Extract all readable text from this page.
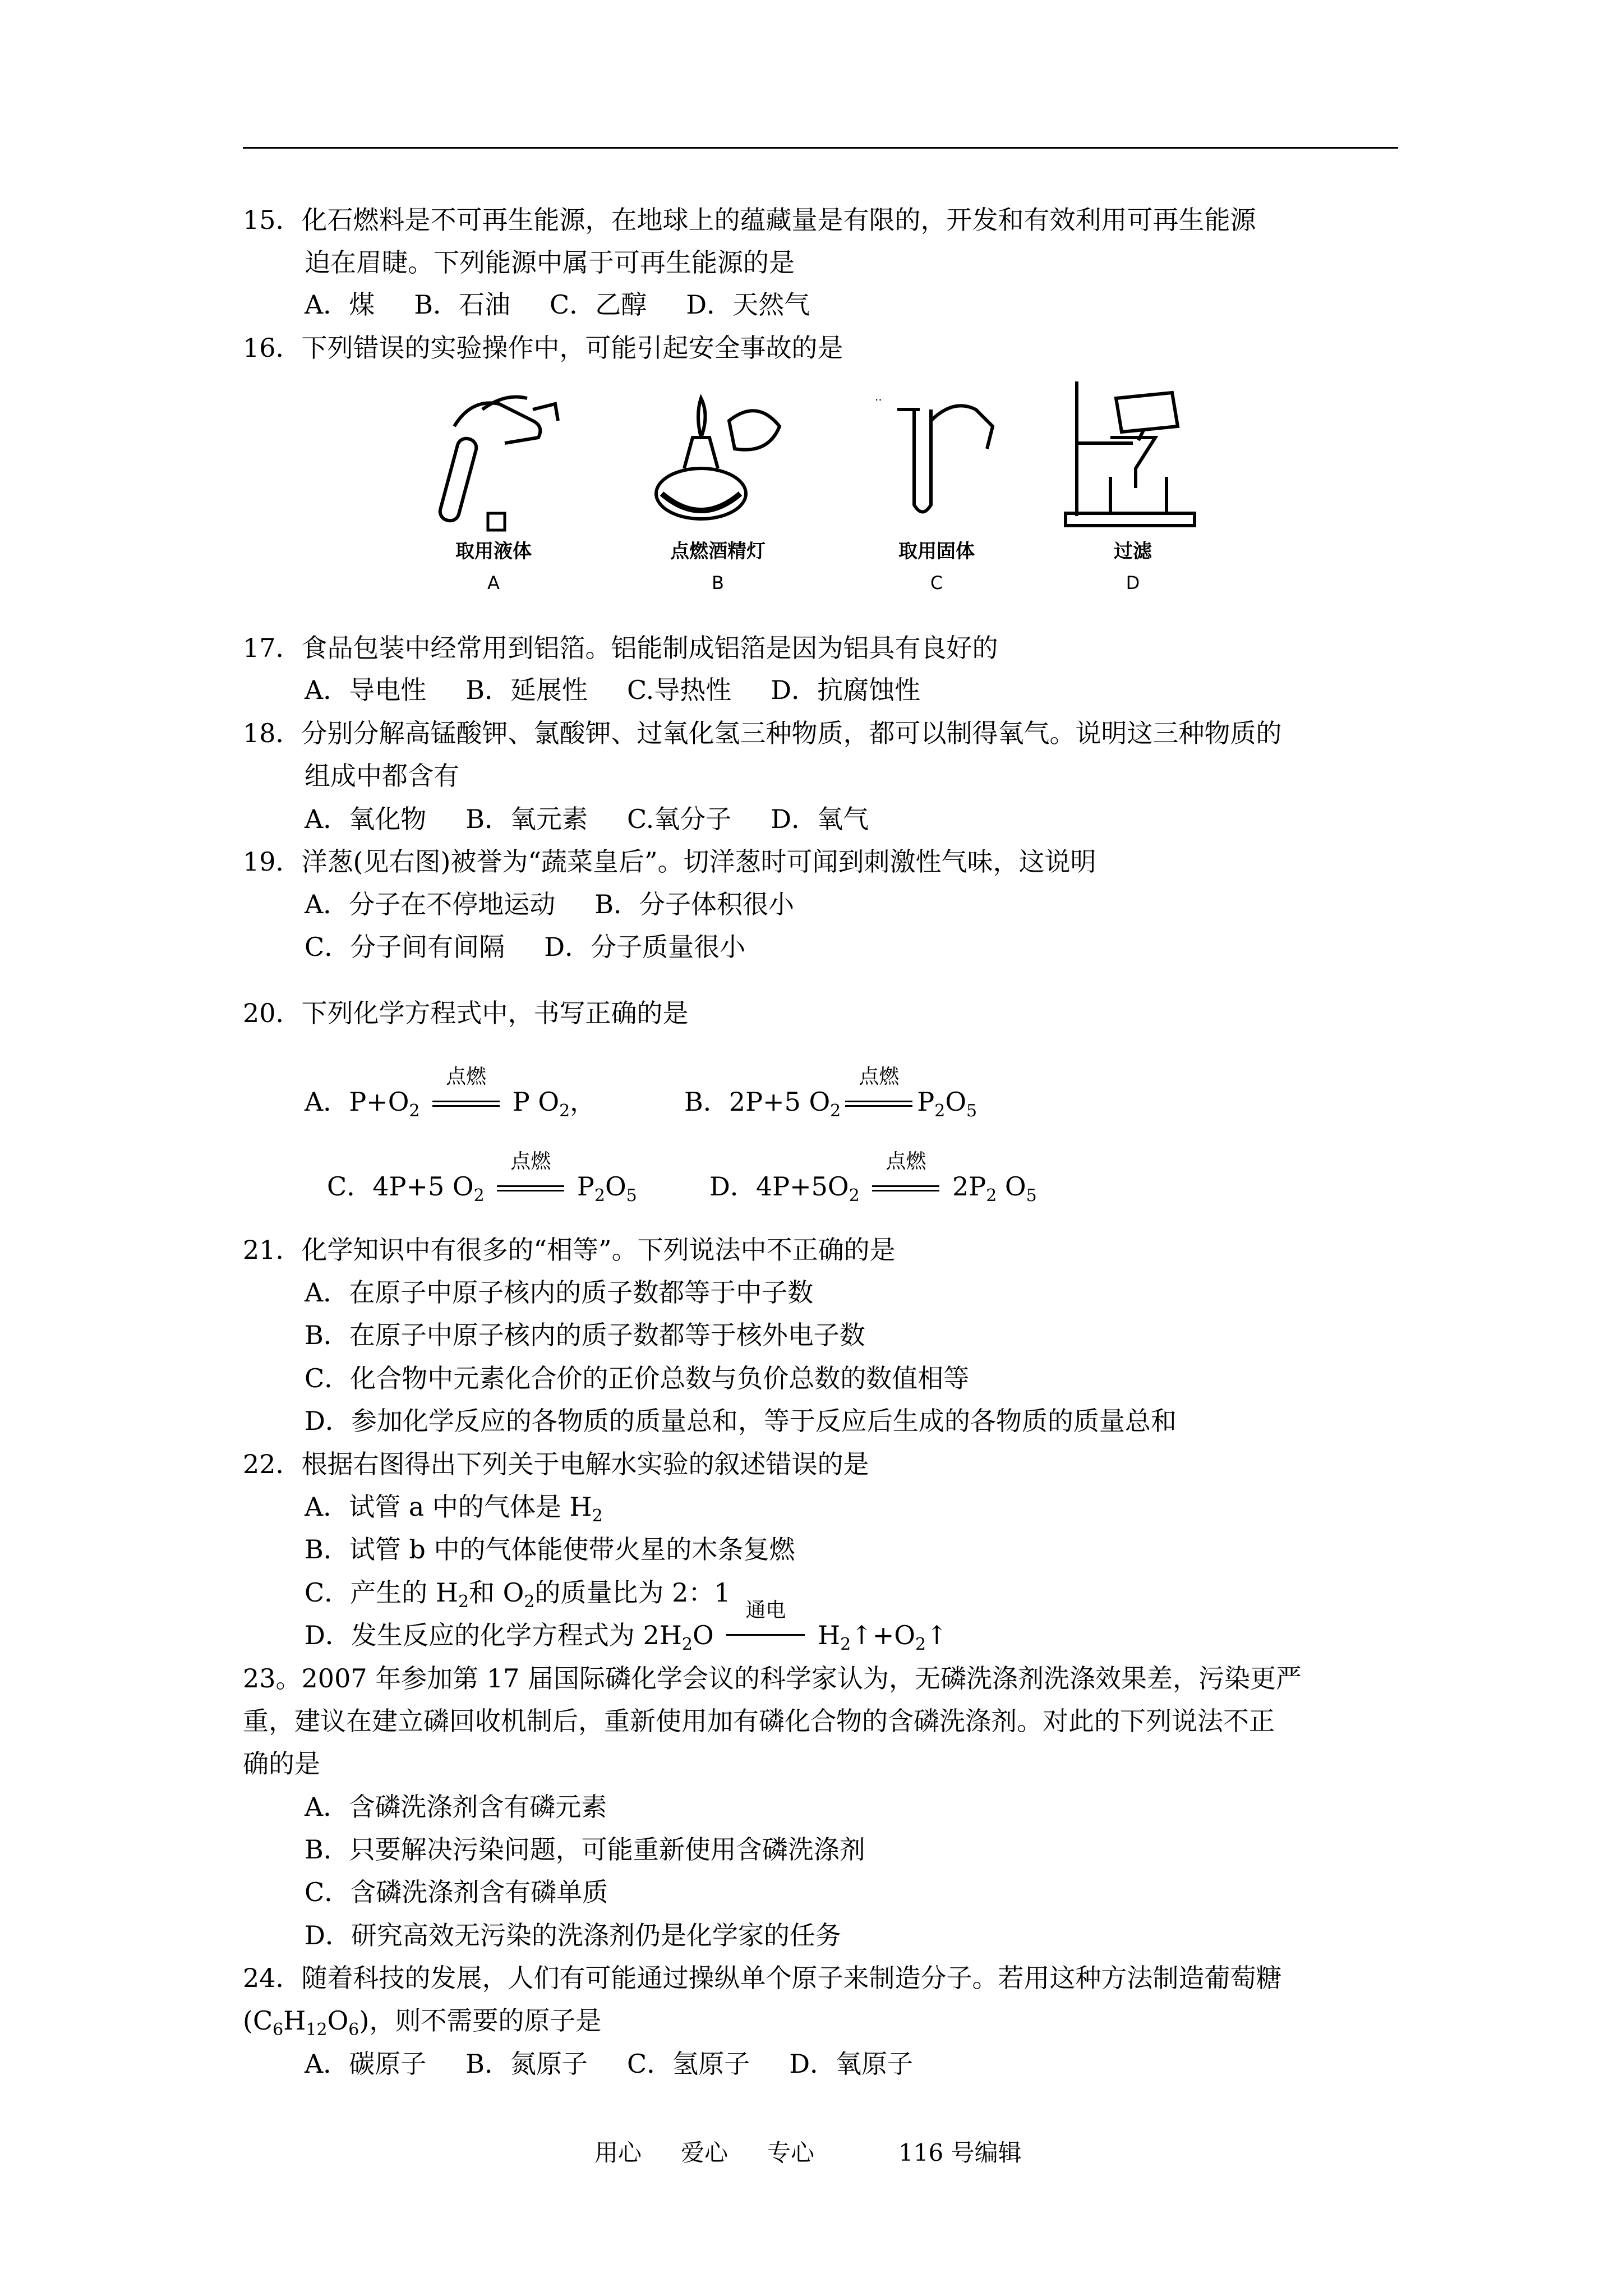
15．化石燃料是不可再生能源，在地球上的蕴藏量是有限的，开发和有效利用可再生能源
迫在眉睫。下列能源中属于可再生能源的是
A．煤 B．石油 C．乙醇 D．天然气
16．下列错误的实验操作中，可能引起安全事故的是
取用液体
A
点燃酒精灯
B
··
取用固体
C
过滤
D
17．食品包装中经常用到铝箔。铝能制成铝箔是因为铝具有良好的
A．导电性 B．延展性 C.导热性 D．抗腐蚀性
18．分别分解高锰酸钾、氯酸钾、过氧化氢三种物质，都可以制得氧气。说明这三种物质的
组成中都含有
A．氧化物 B．氧元素 C.氧分子 D．氧气
19．洋葱(见右图)被誉为“蔬菜皇后”。切洋葱时可闻到刺激性气味，这说明
A．分子在不停地运动 B．分子体积很小
C．分子间有间隔 D．分子质量很小
20．下列化学方程式中，书写正确的是
A．$P+O_2$
点燃
P $O_2$，	B．2P+5 $O_2$
点燃
$P_2O_5$
C．4P+5 $O_2$
点燃
$P_2O_5$	D．$4P+5O_2$
点燃
$2P_2$ $O_5$
21．化学知识中有很多的“相等”。下列说法中不正确的是
A．在原子中原子核内的质子数都等于中子数
B．在原子中原子核内的质子数都等于核外电子数
C．化合物中元素化合价的正价总数与负价总数的数值相等
D．参加化学反应的各物质的质量总和，等于反应后生成的各物质的质量总和
22．根据右图得出下列关于电解水实验的叙述错误的是
A．试管 a 中的气体是 $H_2$
B．试管 b 中的气体能使带火星的木条复燃
C．产生的 $H_2$和 $O_2$的质量比为 2：1
D．发生反应的化学方程式为 $2H_2O$
通电
$H_2↑+O_2↑$
23。2007 年参加第 17 届国际磷化学会议的科学家认为，无磷洗涤剂洗涤效果差，污染更严
重，建议在建立磷回收机制后，重新使用加有磷化合物的含磷洗涤剂。对此的下列说法不正
确的是
A．含磷洗涤剂含有磷元素
B．只要解决污染问题，可能重新使用含磷洗涤剂
C．含磷洗涤剂含有磷单质
D．研究高效无污染的洗涤剂仍是化学家的任务
24．随着科技的发展，人们有可能通过操纵单个原子来制造分子。若用这种方法制造葡萄糖
$(C_6H_{12}O_6)$，则不需要的原子是
A．碳原子 B．氮原子 C．氢原子 D．氧原子
用心 爱心 专心	116 号编辑
